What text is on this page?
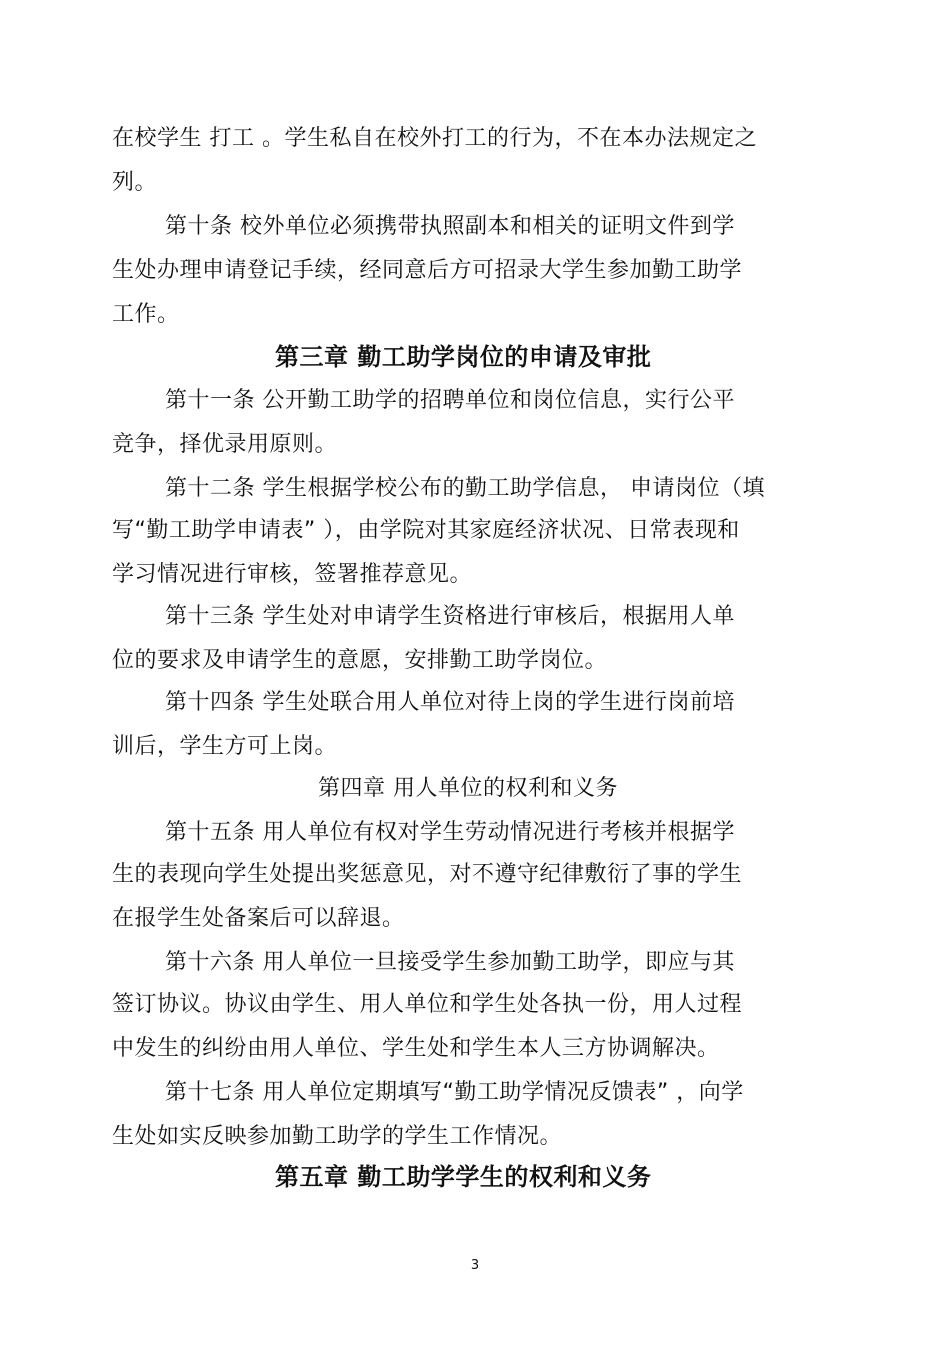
在校学生 打工 。学生私自在校外打工的行为，不在本办法规定之
列。
第十条 校外单位必须携带执照副本和相关的证明文件到学
生处办理申请登记手续，经同意后方可招录大学生参加勤工助学
工作。
第三章 勤工助学岗位的申请及审批
第十一条 公开勤工助学的招聘单位和岗位信息，实行公平
竞争，择优录用原则。
第十二条 学生根据学校公布的勤工助学信息， 申请岗位（填
写“勤工助学申请表” ），由学院对其家庭经济状况、日常表现和
学习情况进行审核，签署推荐意见。
第十三条 学生处对申请学生资格进行审核后，根据用人单
位的要求及申请学生的意愿，安排勤工助学岗位。
第十四条 学生处联合用人单位对待上岗的学生进行岗前培
训后，学生方可上岗。
第四章 用人单位的权利和义务
第十五条 用人单位有权对学生劳动情况进行考核并根据学
生的表现向学生处提出奖惩意见，对不遵守纪律敷衍了事的学生
在报学生处备案后可以辞退。
第十六条 用人单位一旦接受学生参加勤工助学，即应与其
签订协议。协议由学生、用人单位和学生处各执一份，用人过程
中发生的纠纷由用人单位、学生处和学生本人三方协调解决。
第十七条 用人单位定期填写“勤工助学情况反馈表” ，向学
生处如实反映参加勤工助学的学生工作情况。
第五章 勤工助学学生的权利和义务
3
